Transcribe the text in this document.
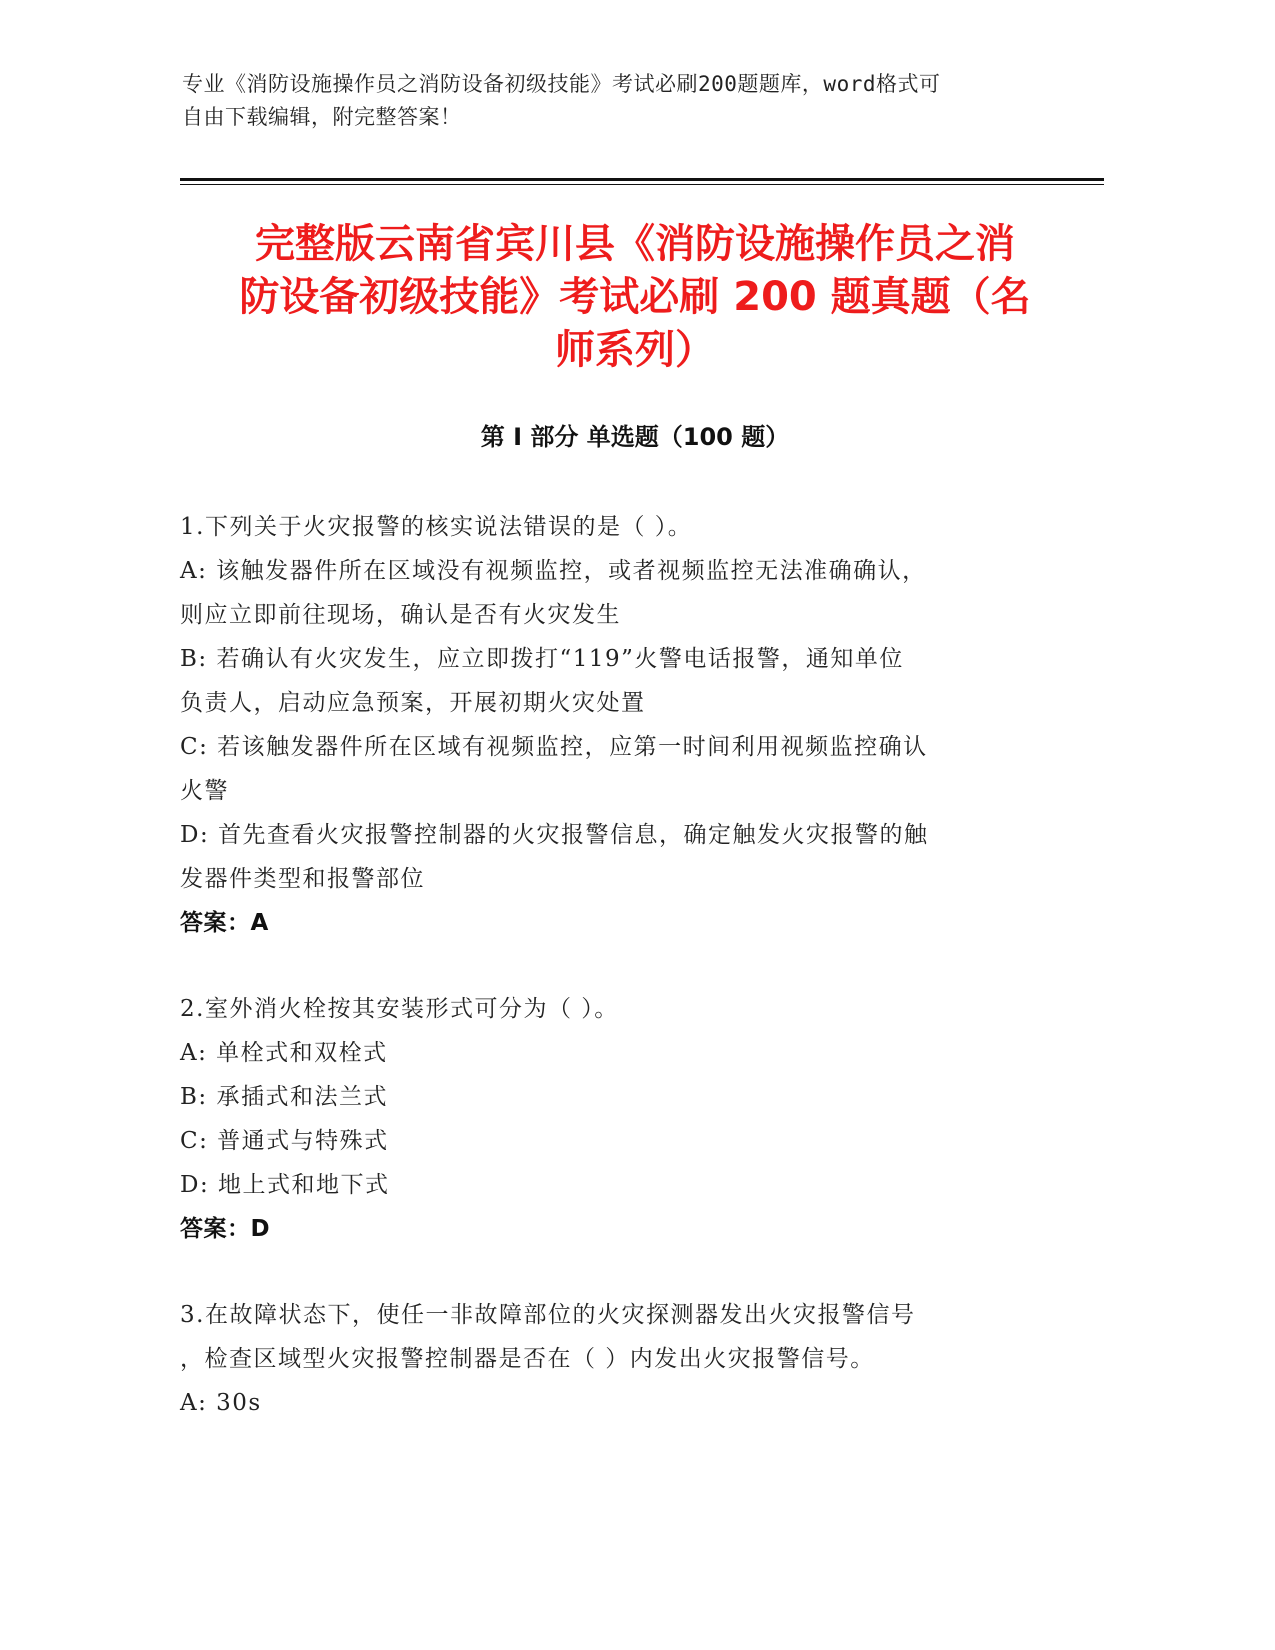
专业《消防设施操作员之消防设备初级技能》考试必刷200题题库，word格式可
自由下载编辑，附完整答案！
完整版云南省宾川县《消防设施操作员之消
防设备初级技能》考试必刷 200 题真题（名
师系列）
第 I 部分 单选题（100 题）
1.下列关于火灾报警的核实说法错误的是（ ）。
A: 该触发器件所在区域没有视频监控，或者视频监控无法准确确认，
则应立即前往现场，确认是否有火灾发生
B: 若确认有火灾发生，应立即拨打“119”火警电话报警，通知单位
负责人，启动应急预案，开展初期火灾处置
C: 若该触发器件所在区域有视频监控，应第一时间利用视频监控确认
火警
D: 首先查看火灾报警控制器的火灾报警信息，确定触发火灾报警的触
发器件类型和报警部位
答案：A
2.室外消火栓按其安装形式可分为（ ）。
A: 单栓式和双栓式
B: 承插式和法兰式
C: 普通式与特殊式
D: 地上式和地下式
答案：D
3.在故障状态下，使任一非故障部位的火灾探测器发出火灾报警信号
，检查区域型火灾报警控制器是否在（ ）内发出火灾报警信号。
A: 30s
